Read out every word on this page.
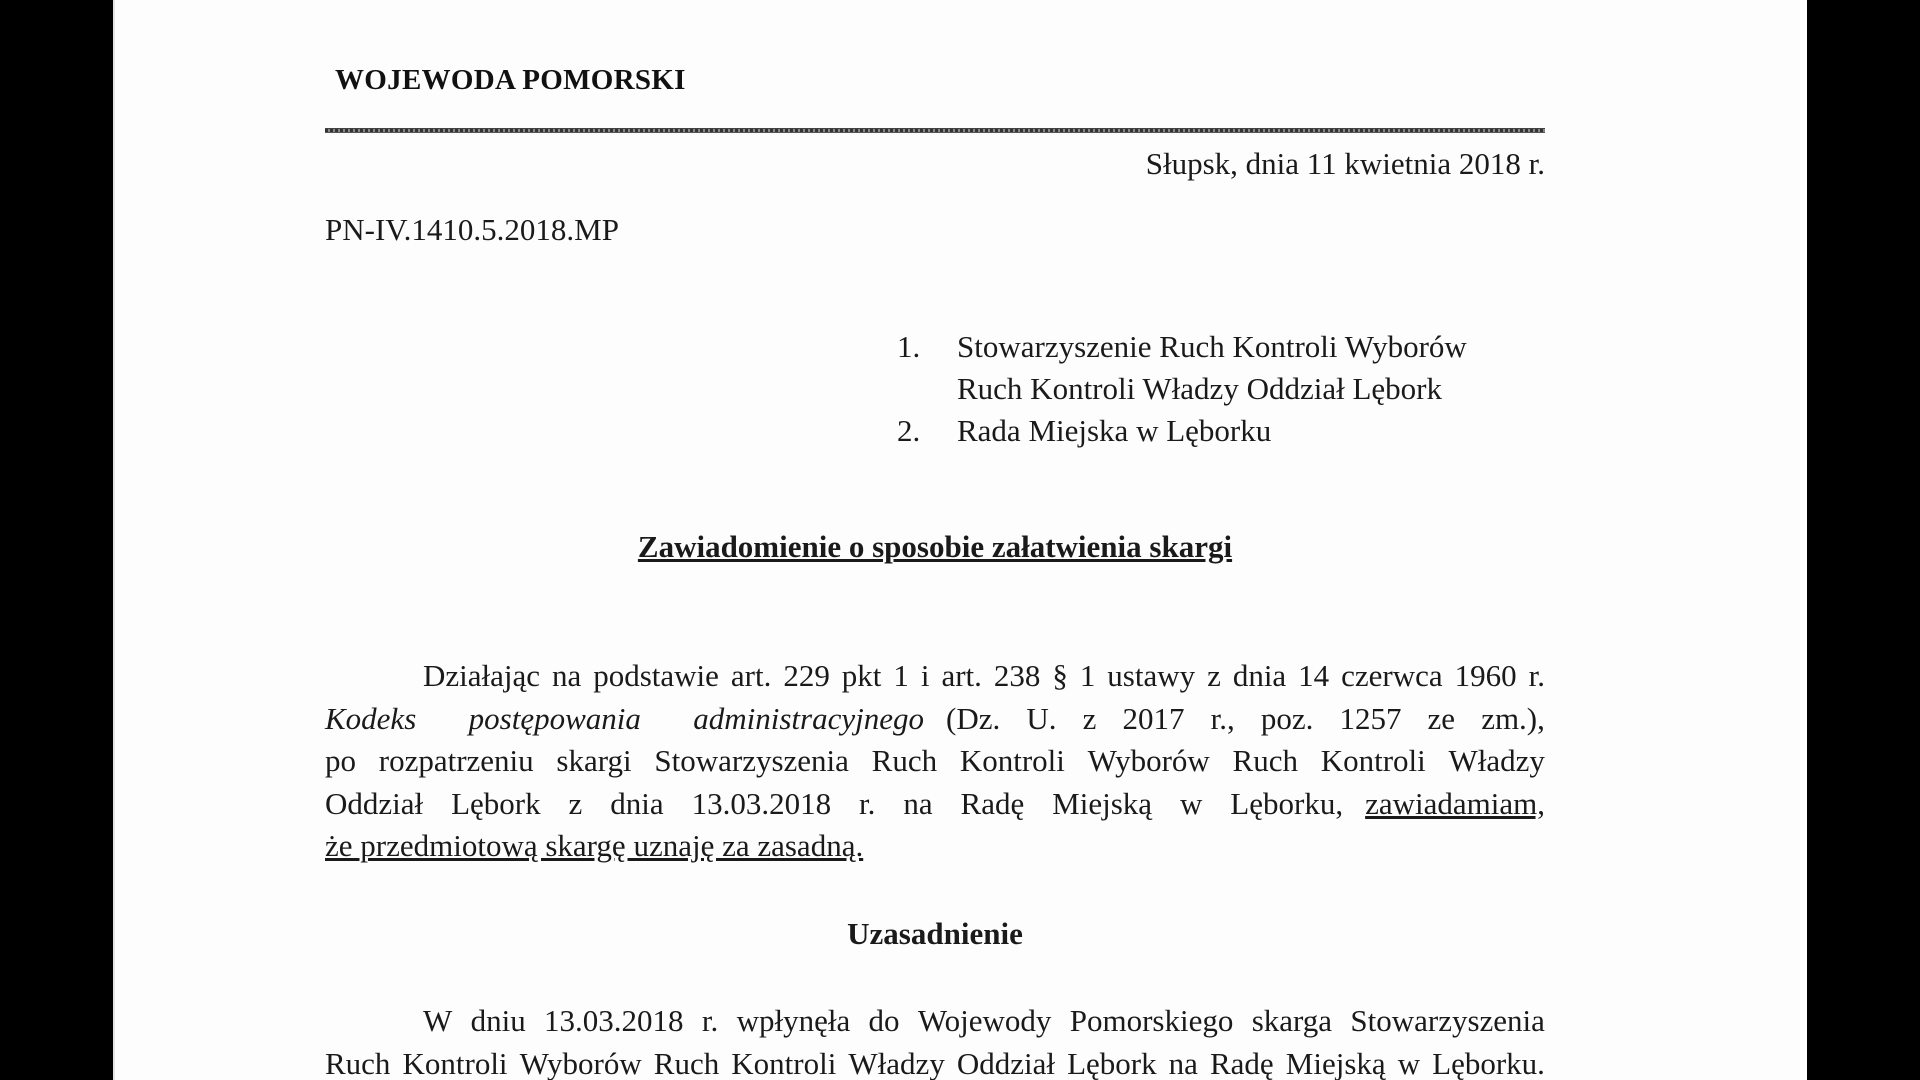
WOJEWODA POMORSKI
Słupsk, dnia 11 kwietnia 2018 r.
PN-IV.1410.5.2018.MP
1.	Stowarzyszenie Ruch Kontroli Wyborów
Ruch Kontroli Władzy Oddział Lębork
2.	Rada Miejska w Lęborku
Zawiadomienie o sposobie załatwienia skargi
Działając na podstawie art. 229 pkt 1 i art. 238 § 1 ustawy z dnia 14 czerwca 1960 r.
Kodeks postępowania administracyjnego (Dz. U. z 2017 r., poz. 1257 ze zm.),
po rozpatrzeniu skargi Stowarzyszenia Ruch Kontroli Wyborów Ruch Kontroli Władzy
Oddział Lębork z dnia 13.03.2018 r. na Radę Miejską w Lęborku, zawiadamiam,
że przedmiotową skargę uznaję za zasadną.
Uzasadnienie
W dniu 13.03.2018 r. wpłynęła do Wojewody Pomorskiego skarga Stowarzyszenia
Ruch Kontroli Wyborów Ruch Kontroli Władzy Oddział Lębork na Radę Miejską w Lęborku.
